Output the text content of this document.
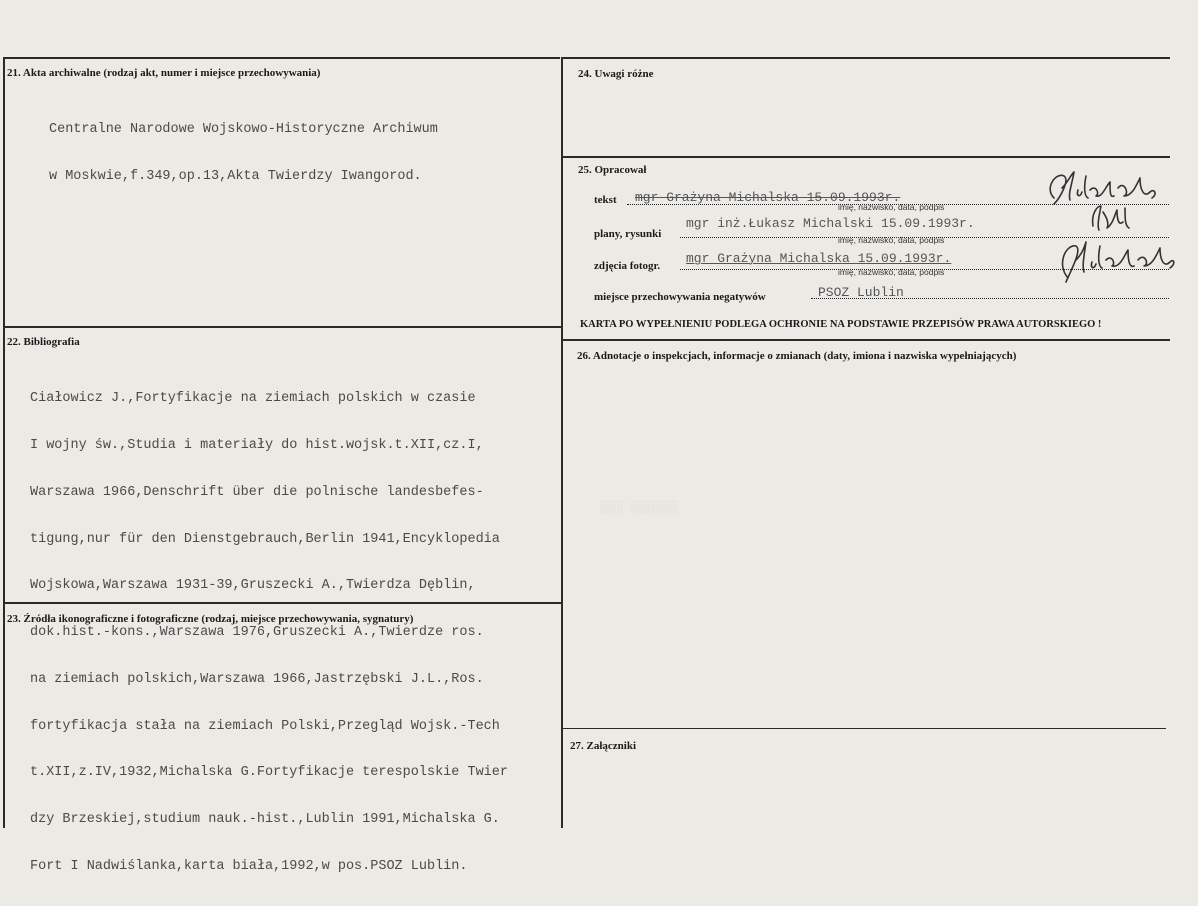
21. Akta archiwalne (rodzaj akt, numer i miejsce przechowywania)

Centralne Narodowe Wojskowo-Historyczne Archiwum

w Moskwie,f.349,op.13,Akta Twierdzy Iwangorod.

22. Bibliografia

Ciałowicz J.,Fortyfikacje na ziemiach polskich w czasie

I wojny św.,Studia i materiały do hist.wojsk.t.XII,cz.I,

Warszawa 1966,Denschrift über die polnische landesbefes-

tigung,nur für den Dienstgebrauch,Berlin 1941,Encyklopedia

Wojskowa,Warszawa 1931-39,Gruszecki A.,Twierdza Dęblin,

dok.hist.-kons.,Warszawa 1976,Gruszecki A.,Twierdze ros.

na ziemiach polskich,Warszawa 1966,Jastrzębski J.L.,Ros.

fortyfikacja stała na ziemiach Polski,Przegląd Wojsk.-Tech

t.XII,z.IV,1932,Michalska G.Fortyfikacje terespolskie Twier

dzy Brzeskiej,studium nauk.-hist.,Lublin 1991,Michalska G.

Fort I Nadwiślanka,karta biała,1992,w pos.PSOZ Lublin.

23. Źródła ikonograficzne i fotograficzne (rodzaj, miejsce przechowywania, sygnatury)
24. Uwagi różne
25. Opracował
tekst mgr Grażyna Michalska 15.09.1993r.
imię, nazwisko, data, podpis
plany, rysunki
mgr inż.Łukasz Michalski 15.09.1993r.
imię, nazwisko, data, podpis
zdjęcia fotogr. mgr Grażyna Michalska 15.09.1993r.
imię, nazwisko, data, podpis
miejsce przechowywania negatywów	PSOZ Lublin
KARTA PO WYPEŁNIENIU PODLEGA OCHRONIE NA PODSTAWIE PRZEPISÓW PRAWA AUTORSKIEGO !
░░░ ░░░░░░
26. Adnotacje o inspekcjach, informacje o zmianach (daty, imiona i nazwiska wypełniających)
27. Załączniki
